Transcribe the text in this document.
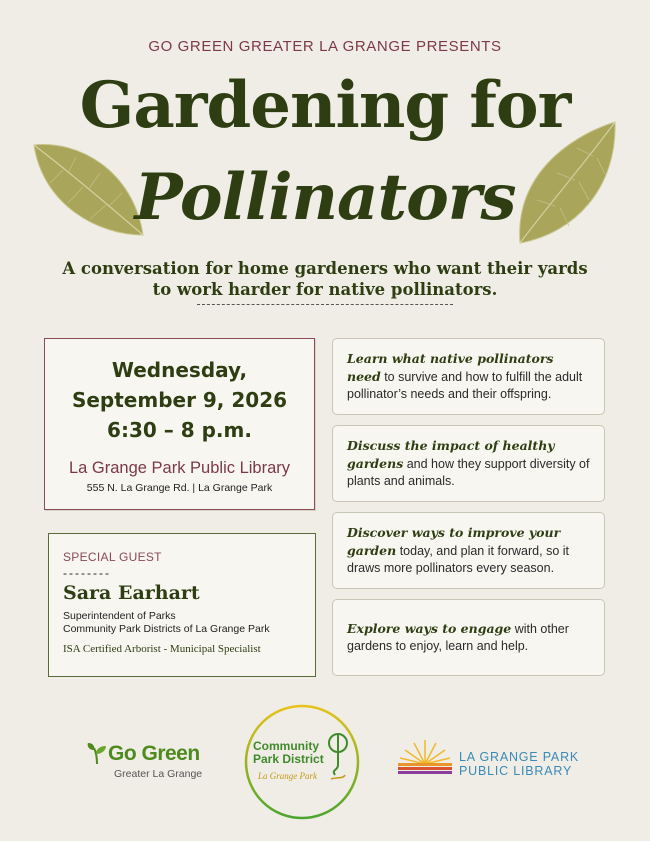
GO GREEN GREATER LA GRANGE PRESENTS
Gardening for
Pollinators
A conversation for home gardeners who want their yards to work harder for native pollinators.
Wednesday,
September 9, 2026
6:30 – 8 p.m.
La Grange Park Public Library
555 N. La Grange Rd. | La Grange Park
SPECIAL GUEST
--------
Sara Earhart
Superintendent of Parks
Community Park Districts of La Grange Park
ISA Certified Arborist - Municipal Specialist
Learn what native pollinators need to survive and how to fulfill the adult pollinator’s needs and their offspring.
Discuss the impact of healthy gardens and how they support diversity of plants and animals.
Discover ways to improve your garden today, and plan it forward, so it draws more pollinators every season.
Explore ways to engage with other gardens to enjoy, learn and help.
Go Green
Greater La Grange
Community
Park District
La Grange Park
LA GRANGE PARK
PUBLIC LIBRARY
